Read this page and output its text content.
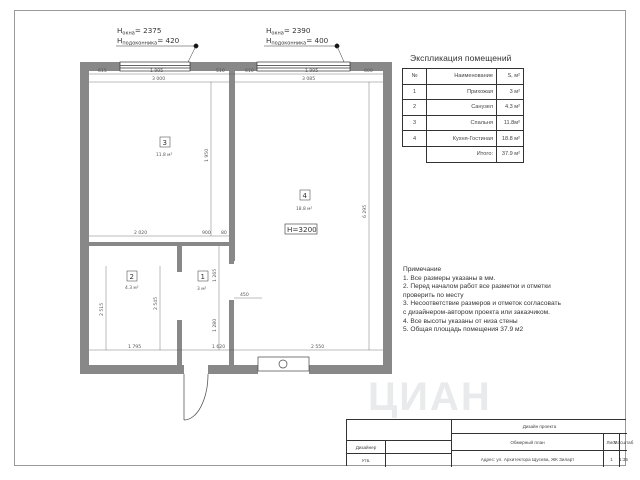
$H_{окна}= 2375$
$H_{подоконника}= 420$
$H_{окна}= 2390$
$H_{подоконника}= 400$
615	1 995	510	610	1 995	600
3 000	3 085
2 020	900 80
1 795	1 620	2 550
450
1 950
6 295
1 265
1 280
2 545
2 515
3
11.8 м²
4
18.8 м²
2
4.3 м²
1
3 м²
H=3200
Экспликация помещений
№	Наименование	S, м²
1	Прихожая	3 м²
2	Санузел	4.3 м²
3	Спальня	11.8м²
4	Кухня-Гостиная	18.8 м²
	Итого:	37.9 м²
Примечание
1. Все размеры указаны в мм.
2. Перед началом работ все разметки и отметки
проверить по месту
3. Несоответствие размеров и отметок согласовать
с дизайнером-автором проекта или заказчиком.
4. Все высоты указаны от низа стены
5. Общая площадь помещения 37.9 м2
ЦИАН
Дизайн проекта
Обмерный план
Адрес: ул. Архитектора Щусева, ЖК Зиларт
Дизайнер
Утв.
Лист
Масштаб
1	1:35
